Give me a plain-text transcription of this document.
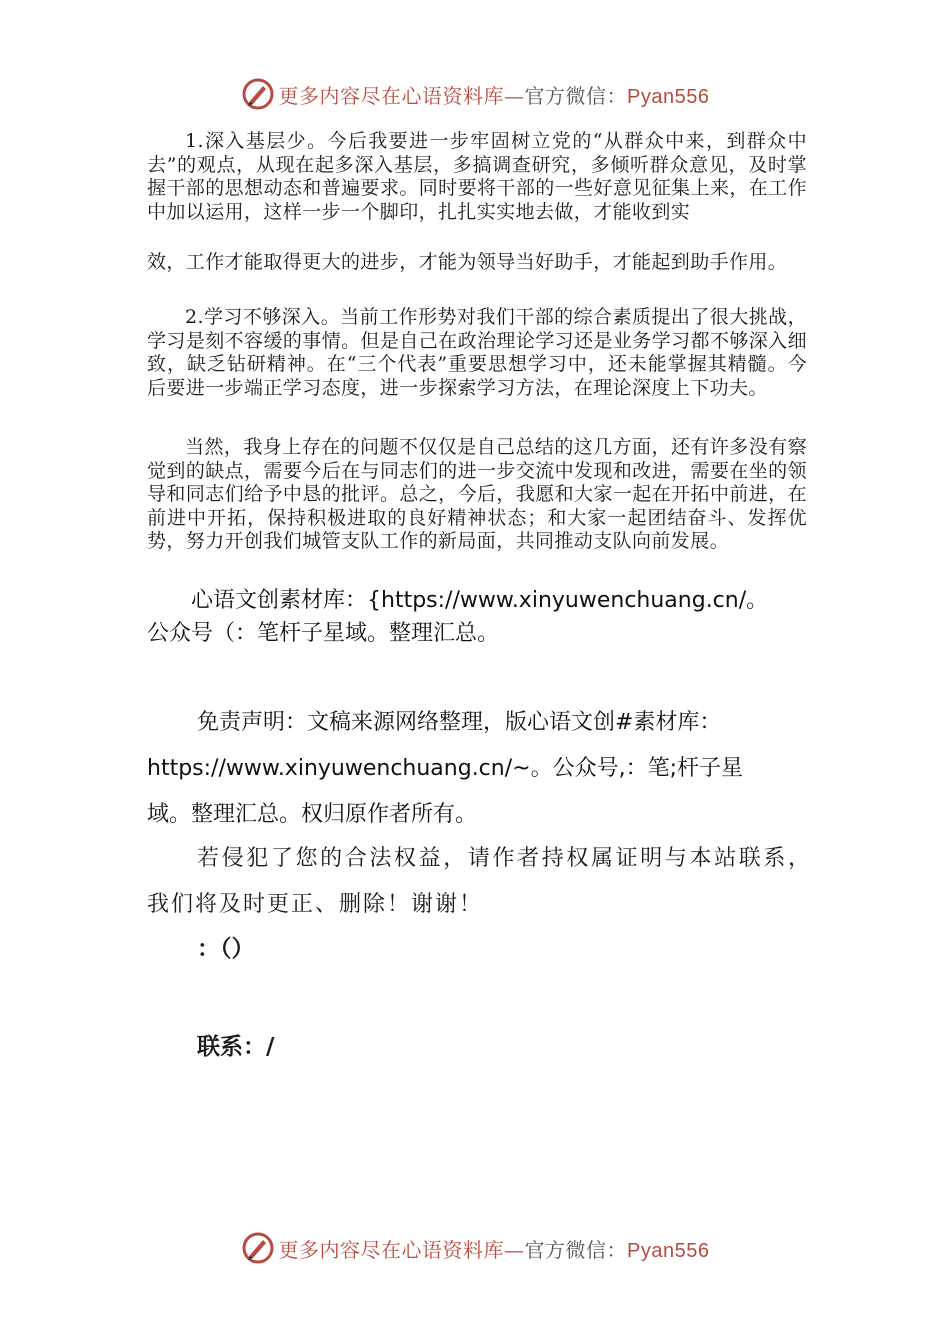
更多内容尽在心语资料库—官方微信：Pyan556

1.深入基层少。今后我要进一步牢固树立党的“从群众中来，到群众中去”的观点，从现在起多深入基层，多搞调查研究，多倾听群众意见，及时掌握干部的思想动态和普遍要求。同时要将干部的一些好意见征集上来，在工作中加以运用，这样一步一个脚印，扎扎实实地去做，才能收到实

效，工作才能取得更大的进步，才能为领导当好助手，才能起到助手作用。

2.学习不够深入。当前工作形势对我们干部的综合素质提出了很大挑战，学习是刻不容缓的事情。但是自己在政治理论学习还是业务学习都不够深入细致，缺乏钻研精神。在“三个代表”重要思想学习中，还未能掌握其精髓。今后要进一步端正学习态度，进一步探索学习方法，在理论深度上下功夫。

当然，我身上存在的问题不仅仅是自己总结的这几方面，还有许多没有察觉到的缺点，需要今后在与同志们的进一步交流中发现和改进，需要在坐的领导和同志们给予中恳的批评。总之，今后，我愿和大家一起在开拓中前进，在前进中开拓，保持积极进取的良好精神状态；和大家一起团结奋斗、发挥优势，努力开创我们城管支队工作的新局面，共同推动支队向前发展。

心语文创素材库：{https://www.xinyuwenchuang.cn/。
公众号（：笔杆子星域。整理汇总。
免责声明：文稿来源网络整理，版心语文创#素材库：
https://www.xinyuwenchuang.cn/~。公众号,：笔;杆子星
域。整理汇总。权归原作者所有。

若侵犯了您的合法权益，请作者持权属证明与本站联系，我们将及时更正、删除！谢谢！

：（）
联系：/
更多内容尽在心语资料库—官方微信：Pyan556
